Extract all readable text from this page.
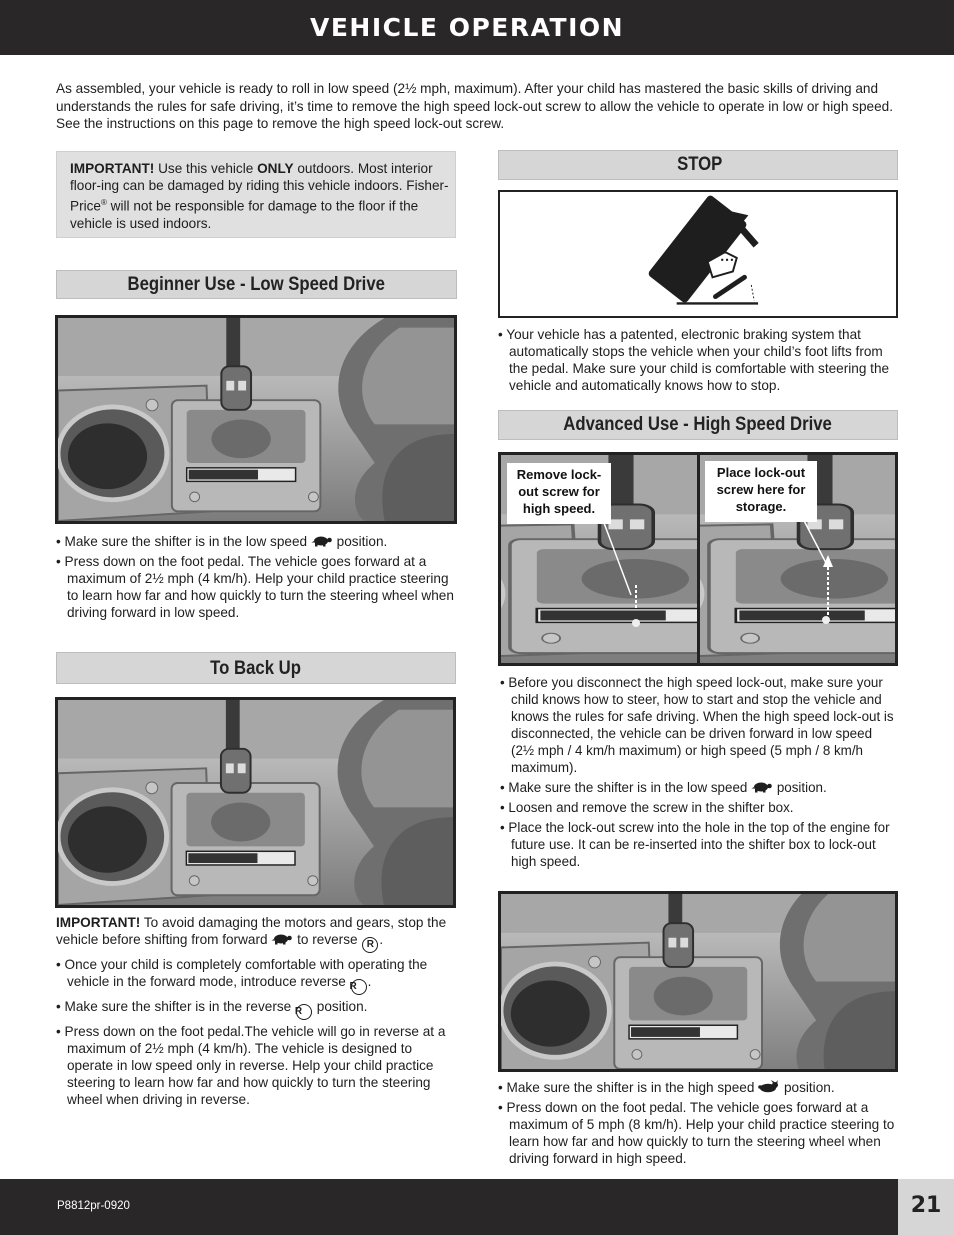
VEHICLE OPERATION
As assembled, your vehicle is ready to roll in low speed (2½ mph, maximum). After your child has mastered the basic skills of driving and understands the rules for safe driving, it’s time to remove the high speed lock-out screw to allow the vehicle to operate in low or high speed. See the instructions on this page to remove the high speed lock-out screw.
IMPORTANT! Use this vehicle ONLY outdoors. Most interior floor-ing can be damaged by riding this vehicle indoors. Fisher-Price® will not be responsible for damage to the floor if the vehicle is used indoors.
Beginner Use - Low Speed Drive
• Make sure the shifter is in the low speed position.
• Press down on the foot pedal. The vehicle goes forward at a maximum of 2½ mph (4 km/h). Help your child practice steering to learn how far and how quickly to turn the steering wheel when driving forward in low speed.
To Back Up
IMPORTANT! To avoid damaging the motors and gears, stop the vehicle before shifting from forward to reverse R .
• Once your child is completely comfortable with operating the vehicle in the forward mode, introduce reverse R .
• Make sure the shifter is in the reverse R position.
• Press down on the foot pedal.The vehicle will go in reverse at a maximum of 2½ mph (4 km/h). The vehicle is designed to operate in low speed only in reverse. Help your child practice steering to learn how far and how quickly to turn the steering wheel when driving in reverse.
STOP
• Your vehicle has a patented, electronic braking system that automatically stops the vehicle when your child’s foot lifts from the pedal. Make sure your child is comfortable with steering the vehicle and automatically knows how to stop.
Advanced Use - High Speed Drive
Remove lock-out screw for high speed.
Place lock-out screw here for storage.
• Before you disconnect the high speed lock-out, make sure your child knows how to steer, how to start and stop the vehicle and knows the rules for safe driving. When the high speed lock-out is disconnected, the vehicle can be driven forward in low speed (2½ mph / 4 km/h maximum) or high speed (5 mph / 8 km/h maximum).
• Make sure the shifter is in the low speed position.
• Loosen and remove the screw in the shifter box.
• Place the lock-out screw into the hole in the top of the engine for future use. It can be re-inserted into the shifter box to lock-out high speed.
• Make sure the shifter is in the high speed position.
• Press down on the foot pedal. The vehicle goes forward at a maximum of 5 mph (8 km/h). Help your child practice steering to learn how far and how quickly to turn the steering wheel when driving forward in high speed.
P8812pr-0920	21
